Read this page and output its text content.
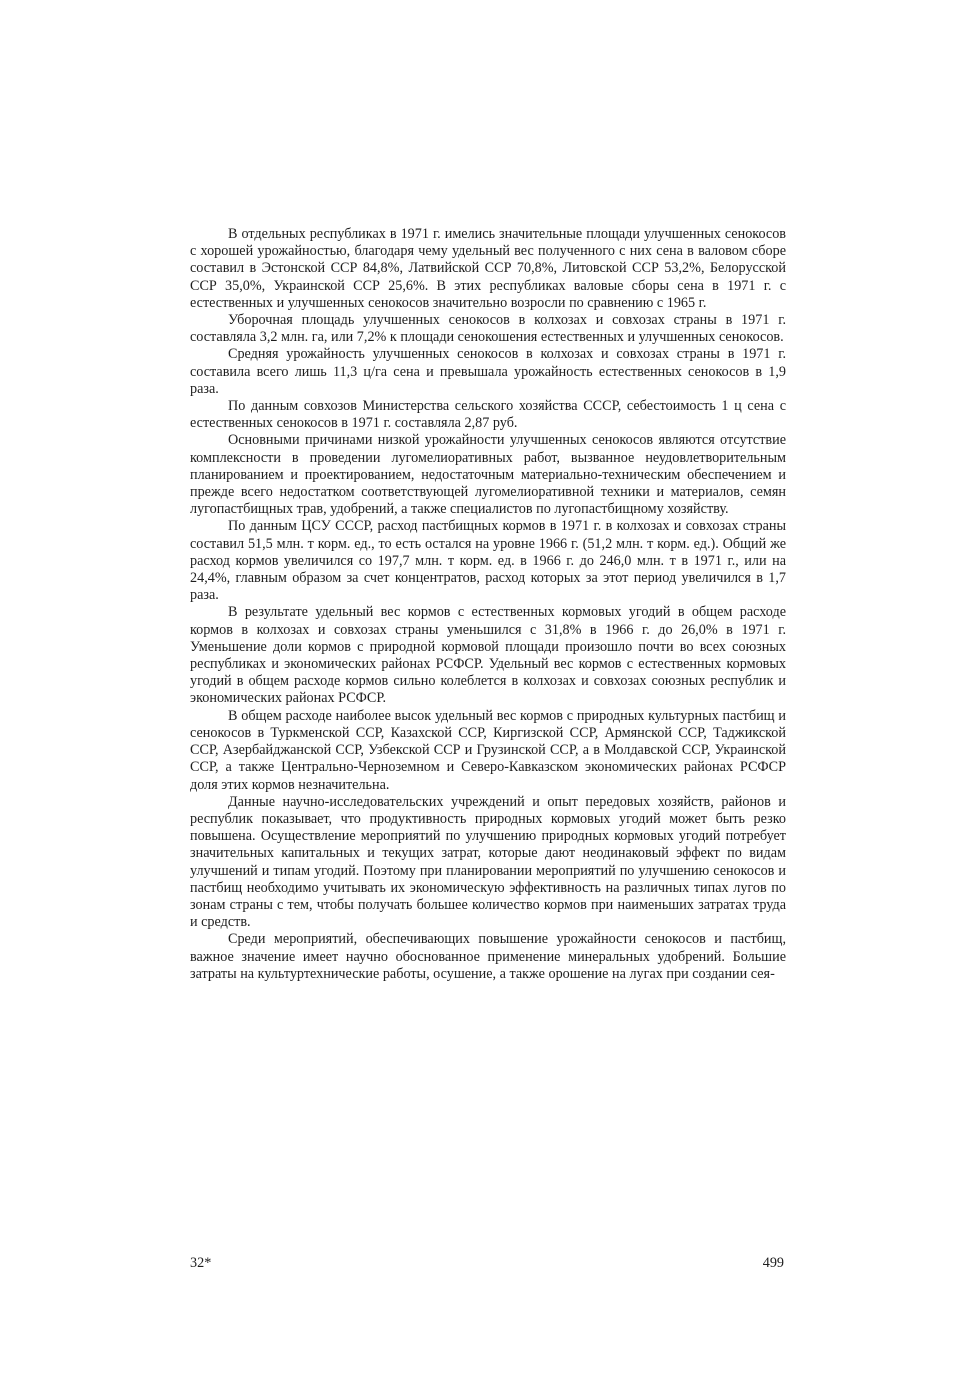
В отдельных республиках в 1971 г. имелись значительные площади улучшенных сенокосов с хорошей урожайностью, благодаря чему удельный вес полученного с них сена в валовом сборе составил в Эстонской ССР 84,8%, Латвийской ССР 70,8%, Литовской ССР 53,2%, Белорусской ССР 35,0%, Украинской ССР 25,6%. В этих республиках валовые сборы сена в 1971 г. с естественных и улучшенных сенокосов значительно возросли по сравнению с 1965 г.

Уборочная площадь улучшенных сенокосов в колхозах и совхозах страны в 1971 г. составляла 3,2 млн. га, или 7,2% к площади сенокошения естественных и улучшенных сенокосов.

Средняя урожайность улучшенных сенокосов в колхозах и совхозах страны в 1971 г. составила всего лишь 11,3 ц/га сена и превышала урожайность естественных сенокосов в 1,9 раза.

По данным совхозов Министерства сельского хозяйства СССР, себестоимость 1 ц сена с естественных сенокосов в 1971 г. составляла 2,87 руб.

Основными причинами низкой урожайности улучшенных сенокосов являются отсутствие комплексности в проведении лугомелиоративных работ, вызванное неудовлетворительным планированием и проектированием, недостаточным материально-техническим обеспечением и прежде всего недостатком соответствующей лугомелиоративной техники и материалов, семян лугопастбищных трав, удобрений, а также специалистов по лугопастбищному хозяйству.

По данным ЦСУ СССР, расход пастбищных кормов в 1971 г. в колхозах и совхозах страны составил 51,5 млн. т корм. ед., то есть остался на уровне 1966 г. (51,2 млн. т корм. ед.). Общий же расход кормов увеличился со 197,7 млн. т корм. ед. в 1966 г. до 246,0 млн. т в 1971 г., или на 24,4%, главным образом за счет концентратов, расход которых за этот период увеличился в 1,7 раза.

В результате удельный вес кормов с естественных кормовых угодий в общем расходе кормов в колхозах и совхозах страны уменьшился с 31,8% в 1966 г. до 26,0% в 1971 г. Уменьшение доли кормов с природной кормовой площади произошло почти во всех союзных республиках и экономических районах РСФСР. Удельный вес кормов с естественных кормовых угодий в общем расходе кормов сильно колеблется в колхозах и совхозах союзных республик и экономических районах РСФСР.

В общем расходе наиболее высок удельный вес кормов с природных культурных пастбищ и сенокосов в Туркменской ССР, Казахской ССР, Киргизской ССР, Армянской ССР, Таджикской ССР, Азербайджанской ССР, Узбекской ССР и Грузинской ССР, а в Молдавской ССР, Украинской ССР, а также Центрально-Черноземном и Северо-Кавказском экономических районах РСФСР доля этих кормов незначительна.

Данные научно-исследовательских учреждений и опыт передовых хозяйств, районов и республик показывает, что продуктивность природных кормовых угодий может быть резко повышена. Осуществление мероприятий по улучшению природных кормовых угодий потребует значительных капитальных и текущих затрат, которые дают неодинаковый эффект по видам улучшений и типам угодий. Поэтому при планировании мероприятий по улучшению сенокосов и пастбищ необходимо учитывать их экономическую эффективность на различных типах лугов по зонам страны с тем, чтобы получать большее количество кормов при наименьших затратах труда и средств.

Среди мероприятий, обеспечивающих повышение урожайности сенокосов и пастбищ, важное значение имеет научно обоснованное применение минеральных удобрений. Большие затраты на культуртехнические работы, осушение, а также орошение на лугах при создании сея-

32*	499
